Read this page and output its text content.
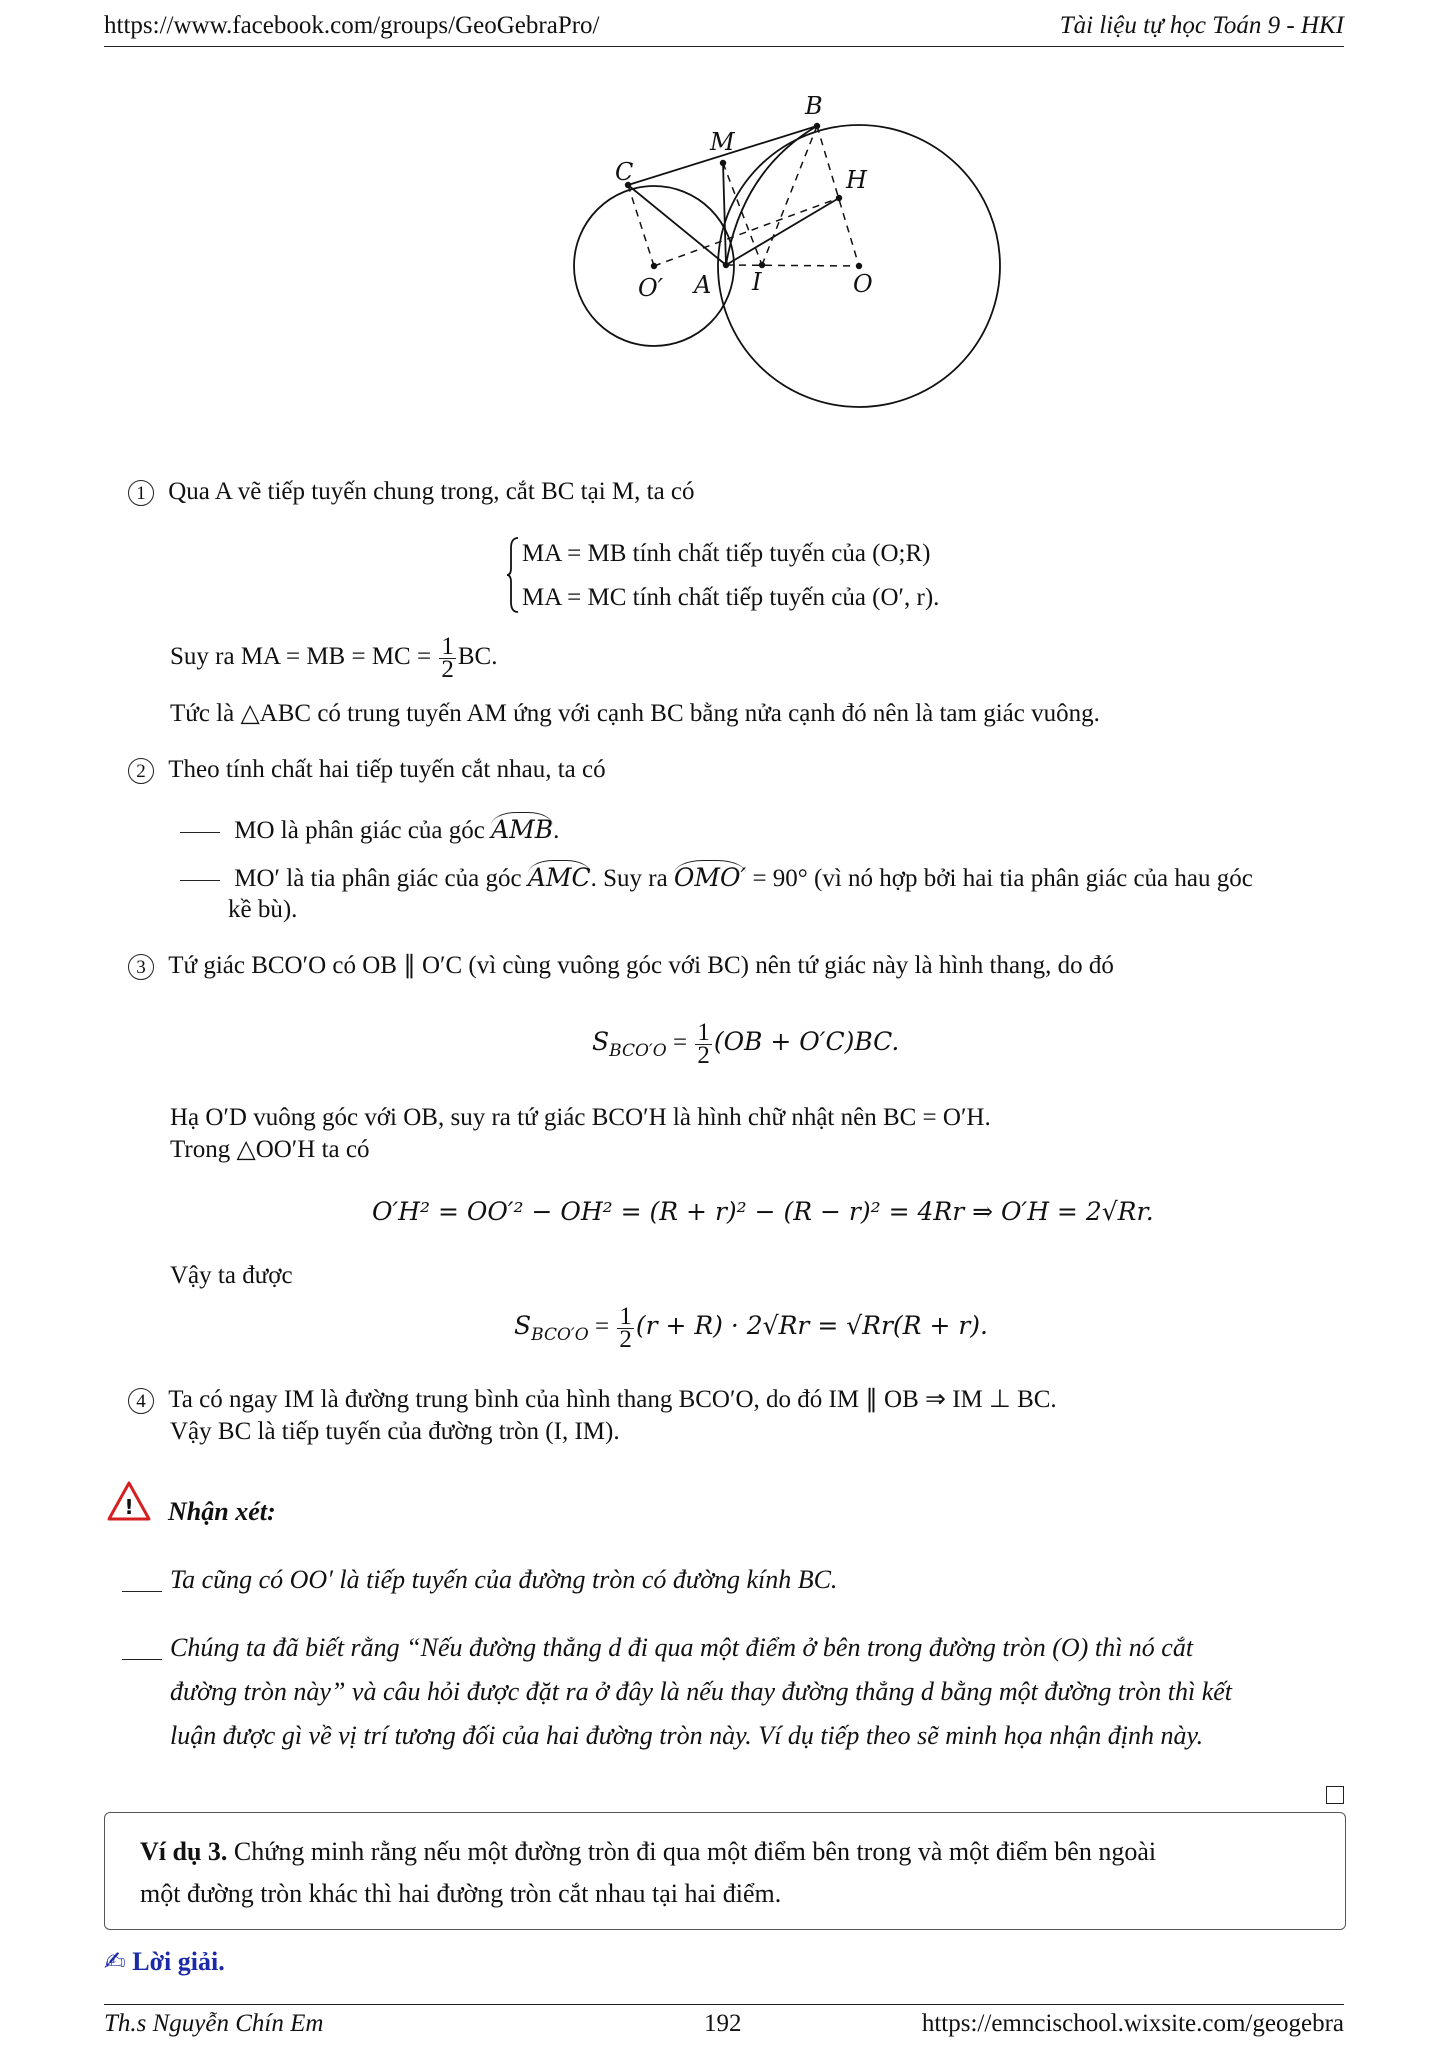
https://www.facebook.com/groups/GeoGebraPro/	Tài liệu tự học Toán 9 - HKI
B
M
C	H
O′ A I	O
1 Qua A vẽ tiếp tuyến chung trong, cắt BC tại M, ta có
MA = MB tính chất tiếp tuyến của (O;R)
MA = MC tính chất tiếp tuyến của (O′, r).
Suy ra MA = MB = MC = $\frac{1}{2}$ BC.
Tức là △ABC có trung tuyến AM ứng với cạnh BC bằng nửa cạnh đó nên là tam giác vuông.
2 Theo tính chất hai tiếp tuyến cắt nhau, ta có
MO là phân giác của góc AMB.
MO′ là tia phân giác của góc AMC. Suy ra OMO′ = 90° (vì nó hợp bởi hai tia phân giác của hau góc
kề bù).
3 Tứ giác BCO′O có OB ∥ O′C (vì cùng vuông góc với BC) nên tứ giác này là hình thang, do đó
$S_{BCO'O} = \frac{1}{2} (OB + O'C)BC$.
Hạ O′D vuông góc với OB, suy ra tứ giác BCO′H là hình chữ nhật nên BC = O′H.
Trong △OO′H ta có
O′H² = OO′² − OH² = (R + r)² − (R − r)² = 4Rr ⇒ O′H = 2√Rr.
Vậy ta được
$S_{BCO'O} = \frac{1}{2} (r + R) \cdot 2√Rr = √Rr(R + r)$.
4 Ta có ngay IM là đường trung bình của hình thang BCO′O, do đó IM ∥ OB ⇒ IM ⊥ BC.
Vậy BC là tiếp tuyến của đường tròn (I, IM).
! Nhận xét:
Ta cũng có OO′ là tiếp tuyến của đường tròn có đường kính BC.
Chúng ta đã biết rằng “Nếu đường thẳng d đi qua một điểm ở bên trong đường tròn (O) thì nó cắt
đường tròn này” và câu hỏi được đặt ra ở đây là nếu thay đường thẳng d bằng một đường tròn thì kết
luận được gì về vị trí tương đối của hai đường tròn này. Ví dụ tiếp theo sẽ minh họa nhận định này.
Ví dụ 3. Chứng minh rằng nếu một đường tròn đi qua một điểm bên trong và một điểm bên ngoài
một đường tròn khác thì hai đường tròn cắt nhau tại hai điểm.
✍ Lời giải.
Th.s Nguyễn Chín Em	192	https://emncischool.wixsite.com/geogebra
